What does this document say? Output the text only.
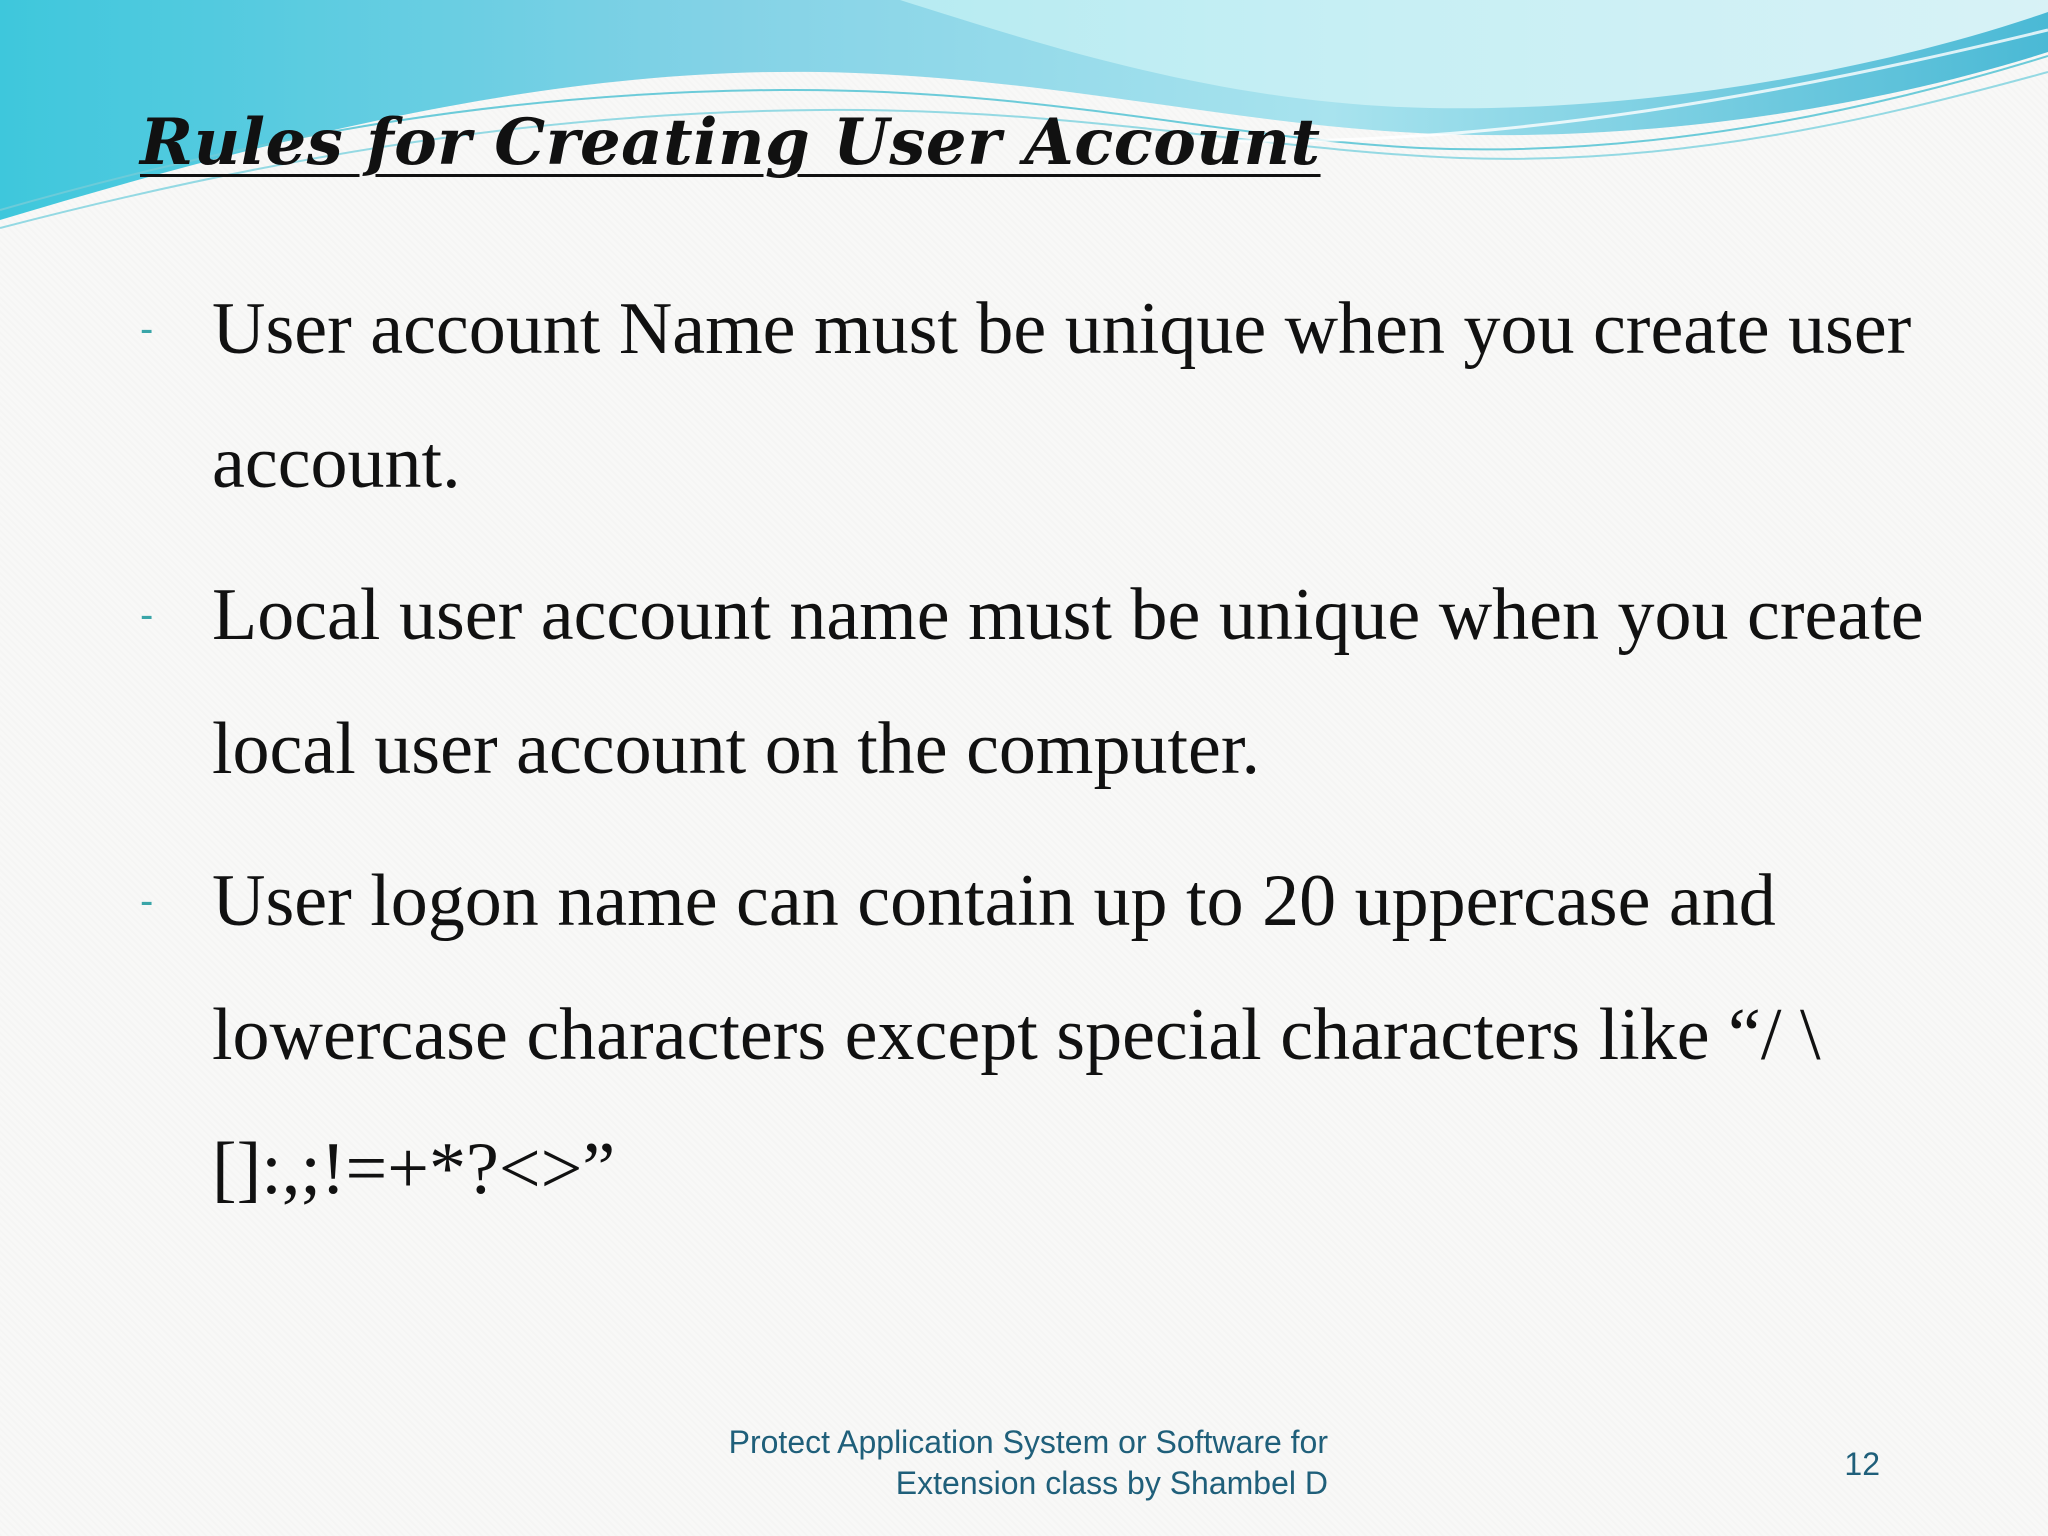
Rules for Creating User Account
- User account Name must be unique when you create user account.
- Local user account name must be unique when you create local user account on the computer.
- User logon name can contain up to 20 uppercase and lowercase characters except special characters like “/ \[]:,;!=+*?<>”
Protect Application System or Software for
Extension class by Shambel D
12
